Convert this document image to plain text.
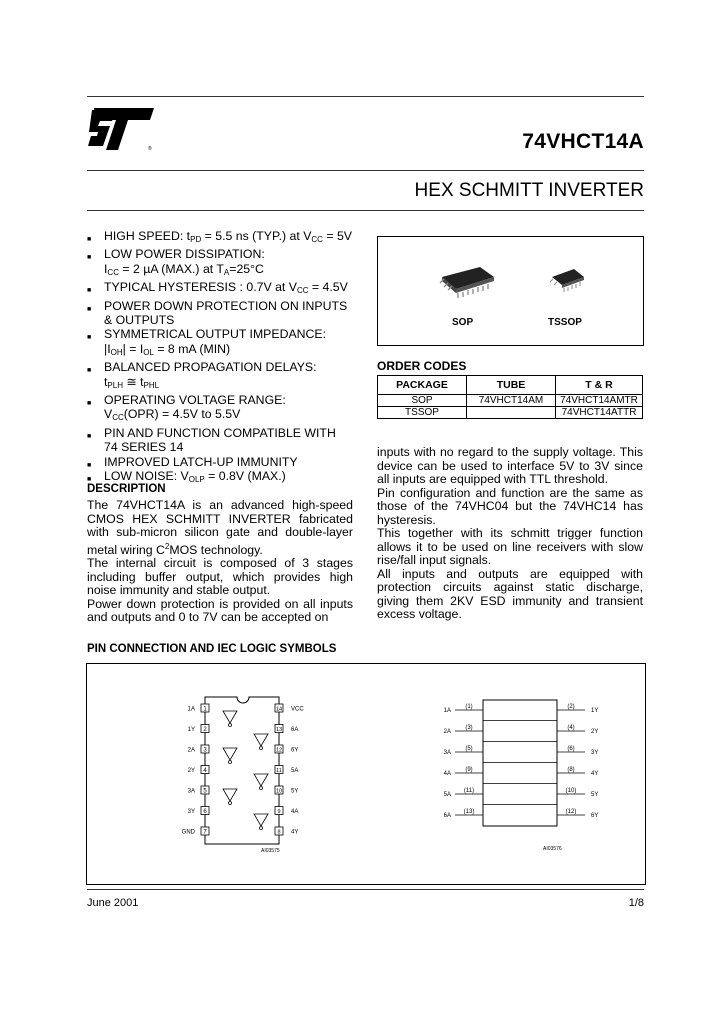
®	74VHCT14A
HEX SCHMITT INVERTER
■ HIGH SPEED: $t_{PD} = 5.5$ ns (TYP.) at $V_{CC} = 5V$
■ LOW POWER DISSIPATION:
$I_{CC} = 2$ µA (MAX.) at $T_A=25^\circ C$
■ TYPICAL HYSTERESIS : 0.7V at $V_{CC} = 4.5V$
■ POWER DOWN PROTECTION ON INPUTS
& OUTPUTS
■ SYMMETRICAL OUTPUT IMPEDANCE:
$|I_{OH}| = I_{OL} = 8$ mA (MIN)
■ BALANCED PROPAGATION DELAYS:
$t_{PLH}$ ≅ $t_{PHL}$
■ OPERATING VOLTAGE RANGE:
$V_{CC}(OPR) = 4.5V$ to 5.5V
■ PIN AND FUNCTION COMPATIBLE WITH
74 SERIES 14
■ IMPROVED LATCH-UP IMMUNITY
■ LOW NOISE: $V_{OLP} = 0.8V$ (MAX.)
SOP	TSSOP
ORDER CODES
PACKAGE	TUBE	T & R
SOP	74VHCT14AM	74VHCT14AMTR
TSSOP		74VHCT14ATTR
DESCRIPTION

The 74VHCT14A is an advanced high-speed CMOS HEX SCHMITT INVERTER fabricated with sub-micron silicon gate and double-layer metal wiring $C^2MOS$ technology.

The internal circuit is composed of 3 stages including buffer output, which provides high noise immunity and stable output.

Power down protection is provided on all inputs and outputs and 0 to 7V can be accepted on

inputs with no regard to the supply voltage. This device can be used to interface 5V to 3V since all inputs are equipped with TTL threshold.

Pin configuration and function are the same as those of the 74VHC04 but the 74VHC14 has hysteresis.

This together with its schmitt trigger function allows it to be used on line receivers with slow rise/fall input signals.

All inputs and outputs are equipped with protection circuits against static discharge, giving them 2KV ESD immunity and transient excess voltage.

PIN CONNECTION AND IEC LOGIC SYMBOLS
1
1A
2
1Y
3
2A
4
2Y
5
3A
6
3Y
7
GND
14 VCC
13 6A
12 6Y
11 5A
10 5Y
9 4A
8 4Y
AI03575
1A
(1)	(2)
1Y
2A
(3)	(4)
2Y
3A
(5)	(6)
3Y
4A
(9)	(8)
4Y
5A
(11)	(10)
5Y
6A
(13)	(12)
6Y
AI03576
June 2001	1/8
